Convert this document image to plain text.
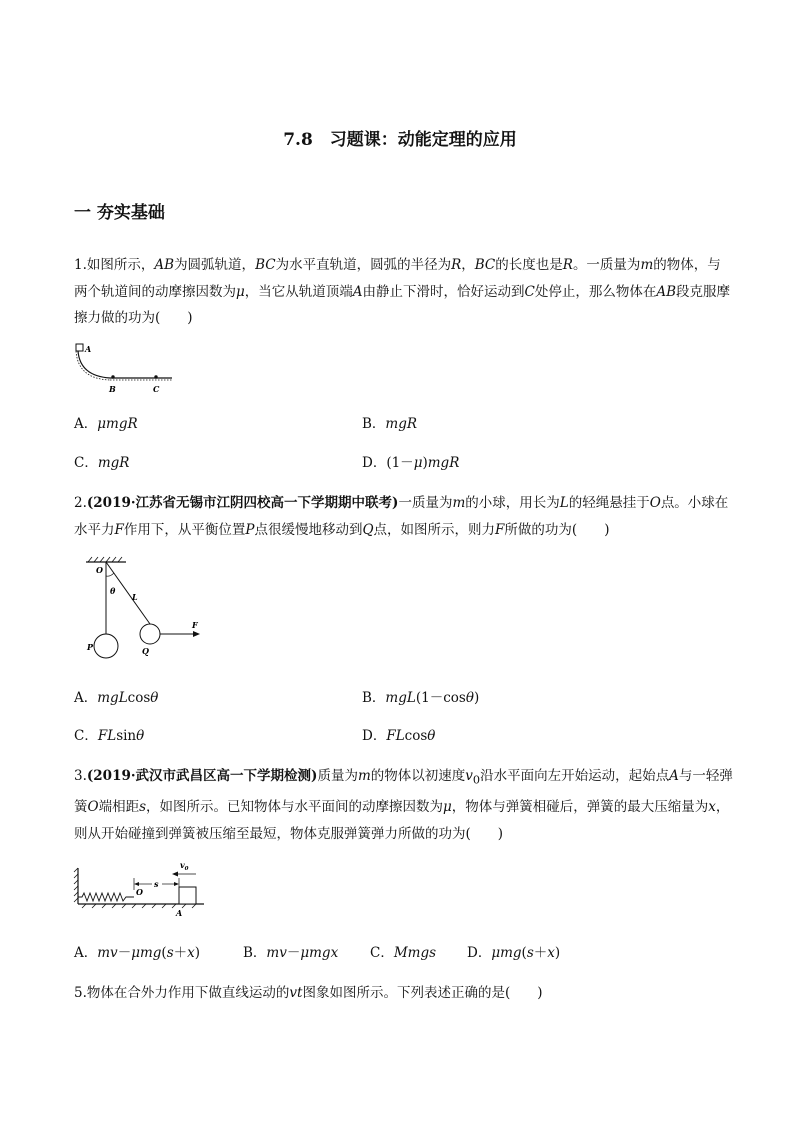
7.8　习题课：动能定理的应用
一 夯实基础
1.如图所示，AB为圆弧轨道，BC为水平直轨道，圆弧的半径为R，BC的长度也是R。一质量为m的物体，与两个轨道间的动摩擦因数为μ，当它从轨道顶端A由静止下滑时，恰好运动到C处停止，那么物体在AB段克服摩擦力做的功为(　　)
A
B	C
A．μmgR	B．mgR
C．mgR	D．(1－μ)mgR
2.(2019·江苏省无锡市江阴四校高一下学期期中联考)一质量为m的小球，用长为L的轻绳悬挂于O点。小球在水平力F作用下，从平衡位置P点很缓慢地移动到Q点，如图所示，则力F所做的功为(　　)
O
θ
L
F
P	Q
A．mgLcosθ	B．mgL(1－cosθ)
C．FLsinθ	D．FLcosθ
3.(2019·武汉市武昌区高一下学期检测)质量为m的物体以初速度$v_0$沿水平面向左开始运动，起始点A与一轻弹簧O端相距s，如图所示。已知物体与水平面间的动摩擦因数为μ，物体与弹簧相碰后，弹簧的最大压缩量为x，则从开始碰撞到弹簧被压缩至最短，物体克服弹簧弹力所做的功为(　　)
O
s
$v_0$
A
A．mv－μmg(s＋x)	B．mv－μmgx C．Mmgs D．μmg(s＋x)
5.物体在合外力作用下做直线运动的vt图象如图所示。下列表述正确的是(　　)
